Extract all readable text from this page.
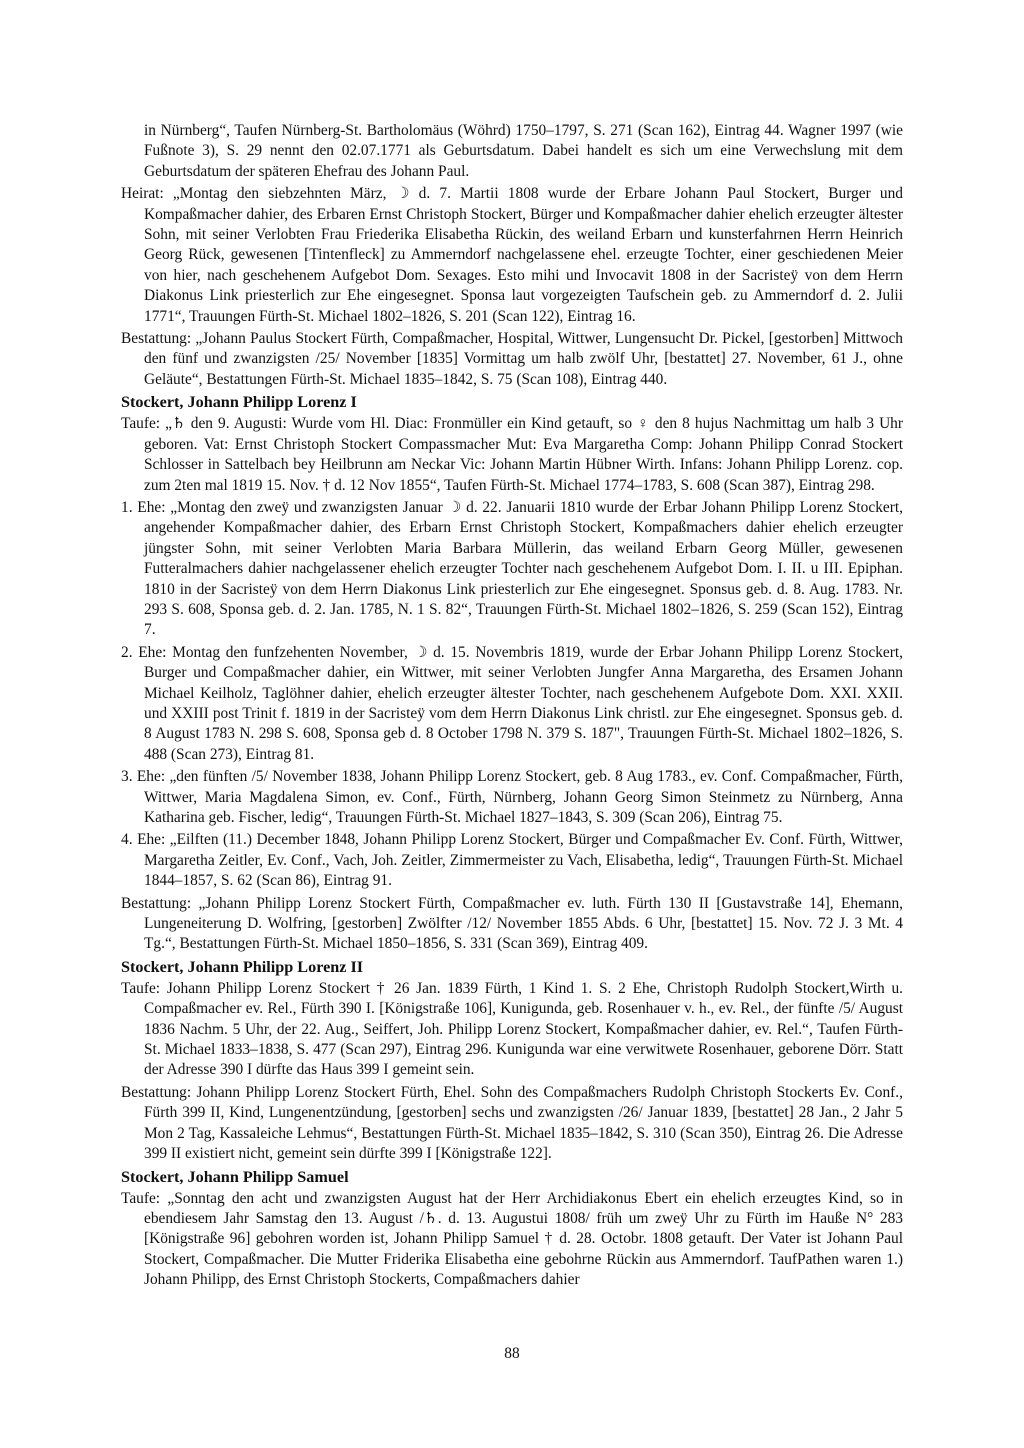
in Nürnberg“, Taufen Nürnberg-St. Bartholomäus (Wöhrd) 1750–1797, S. 271 (Scan 162), Eintrag 44. Wagner 1997 (wie Fußnote 3), S. 29 nennt den 02.07.1771 als Geburtsdatum. Dabei handelt es sich um eine Verwechslung mit dem Geburtsdatum der späteren Ehefrau des Johann Paul.

Heirat: „Montag den siebzehnten März, ☽ d. 7. Martii 1808 wurde der Erbare Johann Paul Stockert, Burger und Kompaßmacher dahier, des Erbaren Ernst Christoph Stockert, Bürger und Kompaßmacher dahier ehelich erzeugter ältester Sohn, mit seiner Verlobten Frau Friederika Elisabetha Rückin, des weiland Erbarn und kunsterfahrnen Herrn Heinrich Georg Rück, gewesenen [Tintenfleck] zu Ammerndorf nachgelassene ehel. erzeugte Tochter, einer geschiedenen Meier von hier, nach geschehenem Aufgebot Dom. Sexages. Esto mihi und Invocavit 1808 in der Sacristeӱ von dem Herrn Diakonus Link priesterlich zur Ehe eingesegnet. Sponsa laut vorgezeigten Taufschein geb. zu Ammerndorf d. 2. Julii 1771“, Trauungen Fürth-St. Michael 1802–1826, S. 201 (Scan 122), Eintrag 16.

Bestattung: „Johann Paulus Stockert Fürth, Compaßmacher, Hospital, Wittwer, Lungensucht Dr. Pickel, [gestorben] Mittwoch den fünf und zwanzigsten /25/ November [1835] Vormittag um halb zwölf Uhr, [bestattet] 27. November, 61 J., ohne Geläute“, Bestattungen Fürth-St. Michael 1835–1842, S. 75 (Scan 108), Eintrag 440.

Stockert, Johann Philipp Lorenz I

Taufe: „♄ den 9. Augusti: Wurde vom Hl. Diac: Fronmüller ein Kind getauft, so ♀ den 8 hujus Nachmittag um halb 3 Uhr geboren. Vat: Ernst Christoph Stockert Compassmacher Mut: Eva Margaretha Comp: Johann Philipp Conrad Stockert Schlosser in Sattelbach bey Heilbrunn am Neckar Vic: Johann Martin Hübner Wirth. Infans: Johann Philipp Lorenz. cop. zum 2ten mal 1819 15. Nov. † d. 12 Nov 1855“, Taufen Fürth-St. Michael 1774–1783, S. 608 (Scan 387), Eintrag 298.

1. Ehe: „Montag den zweӱ und zwanzigsten Januar ☽ d. 22. Januarii 1810 wurde der Erbar Johann Philipp Lorenz Stockert, angehender Kompaßmacher dahier, des Erbarn Ernst Christoph Stockert, Kompaßmachers dahier ehelich erzeugter jüngster Sohn, mit seiner Verlobten Maria Barbara Müllerin, das weiland Erbarn Georg Müller, gewesenen Futteralmachers dahier nachgelassener ehelich erzeugter Tochter nach geschehenem Aufgebot Dom. I. II. u III. Epiphan. 1810 in der Sacristeӱ von dem Herrn Diakonus Link priesterlich zur Ehe eingesegnet. Sponsus geb. d. 8. Aug. 1783. Nr. 293 S. 608, Sponsa geb. d. 2. Jan. 1785, N. 1 S. 82“, Trauungen Fürth-St. Michael 1802–1826, S. 259 (Scan 152), Eintrag 7.

2. Ehe: Montag den funfzehenten November, ☽ d. 15. Novembris 1819, wurde der Erbar Johann Philipp Lorenz Stockert, Burger und Compaßmacher dahier, ein Wittwer, mit seiner Verlobten Jungfer Anna Margaretha, des Ersamen Johann Michael Keilholz, Taglöhner dahier, ehelich erzeugter ältester Tochter, nach geschehenem Aufgebote Dom. XXI. XXII. und XXIII post Trinit f. 1819 in der Sacristeӱ vom dem Herrn Diakonus Link christl. zur Ehe eingesegnet. Sponsus geb. d. 8 August 1783 N. 298 S. 608, Sponsa geb d. 8 October 1798 N. 379 S. 187", Trauungen Fürth-St. Michael 1802–1826, S. 488 (Scan 273), Eintrag 81.

3. Ehe: „den fünften /5/ November 1838, Johann Philipp Lorenz Stockert, geb. 8 Aug 1783., ev. Conf. Compaßmacher, Fürth, Wittwer, Maria Magdalena Simon, ev. Conf., Fürth, Nürnberg, Johann Georg Simon Steinmetz zu Nürnberg, Anna Katharina geb. Fischer, ledig“, Trauungen Fürth-St. Michael 1827–1843, S. 309 (Scan 206), Eintrag 75.

4. Ehe: „Eilften (11.) December 1848, Johann Philipp Lorenz Stockert, Bürger und Compaßmacher Ev. Conf. Fürth, Wittwer, Margaretha Zeitler, Ev. Conf., Vach, Joh. Zeitler, Zimmermeister zu Vach, Elisabetha, ledig“, Trauungen Fürth-St. Michael 1844–1857, S. 62 (Scan 86), Eintrag 91.

Bestattung: „Johann Philipp Lorenz Stockert Fürth, Compaßmacher ev. luth. Fürth 130 II [Gustavstraße 14], Ehemann, Lungeneiterung D. Wolfring, [gestorben] Zwölfter /12/ November 1855 Abds. 6 Uhr, [bestattet] 15. Nov. 72 J. 3 Mt. 4 Tg.“, Bestattungen Fürth-St. Michael 1850–1856, S. 331 (Scan 369), Eintrag 409.

Stockert, Johann Philipp Lorenz II

Taufe: Johann Philipp Lorenz Stockert † 26 Jan. 1839 Fürth, 1 Kind 1. S. 2 Ehe, Christoph Rudolph Stockert,Wirth u. Compaßmacher ev. Rel., Fürth 390 I. [Königstraße 106], Kunigunda, geb. Rosenhauer v. h., ev. Rel., der fünfte /5/ August 1836 Nachm. 5 Uhr, der 22. Aug., Seiffert, Joh. Philipp Lorenz Stockert, Kompaßmacher dahier, ev. Rel.“, Taufen Fürth-St. Michael 1833–1838, S. 477 (Scan 297), Eintrag 296. Kunigunda war eine verwitwete Rosenhauer, geborene Dörr. Statt der Adresse 390 I dürfte das Haus 399 I gemeint sein.

Bestattung: Johann Philipp Lorenz Stockert Fürth, Ehel. Sohn des Compaßmachers Rudolph Christoph Stockerts Ev. Conf., Fürth 399 II, Kind, Lungenentzündung, [gestorben] sechs und zwanzigsten /26/ Januar 1839, [bestattet] 28 Jan., 2 Jahr 5 Mon 2 Tag, Kassaleiche Lehmus“, Bestattungen Fürth-St. Michael 1835–1842, S. 310 (Scan 350), Eintrag 26. Die Adresse 399 II existiert nicht, gemeint sein dürfte 399 I [Königstraße 122].

Stockert, Johann Philipp Samuel

Taufe: „Sonntag den acht und zwanzigsten August hat der Herr Archidiakonus Ebert ein ehelich erzeugtes Kind, so in ebendiesem Jahr Samstag den 13. August /♄. d. 13. Augustui 1808/ früh um zweӱ Uhr zu Fürth im Hauße N° 283 [Königstraße 96] gebohren worden ist, Johann Philipp Samuel † d. 28. Octobr. 1808 getauft. Der Vater ist Johann Paul Stockert, Compaßmacher. Die Mutter Friderika Elisabetha eine gebohrne Rückin aus Ammerndorf. TaufPathen waren 1.) Johann Philipp, des Ernst Christoph Stockerts, Compaßmachers dahier

88
